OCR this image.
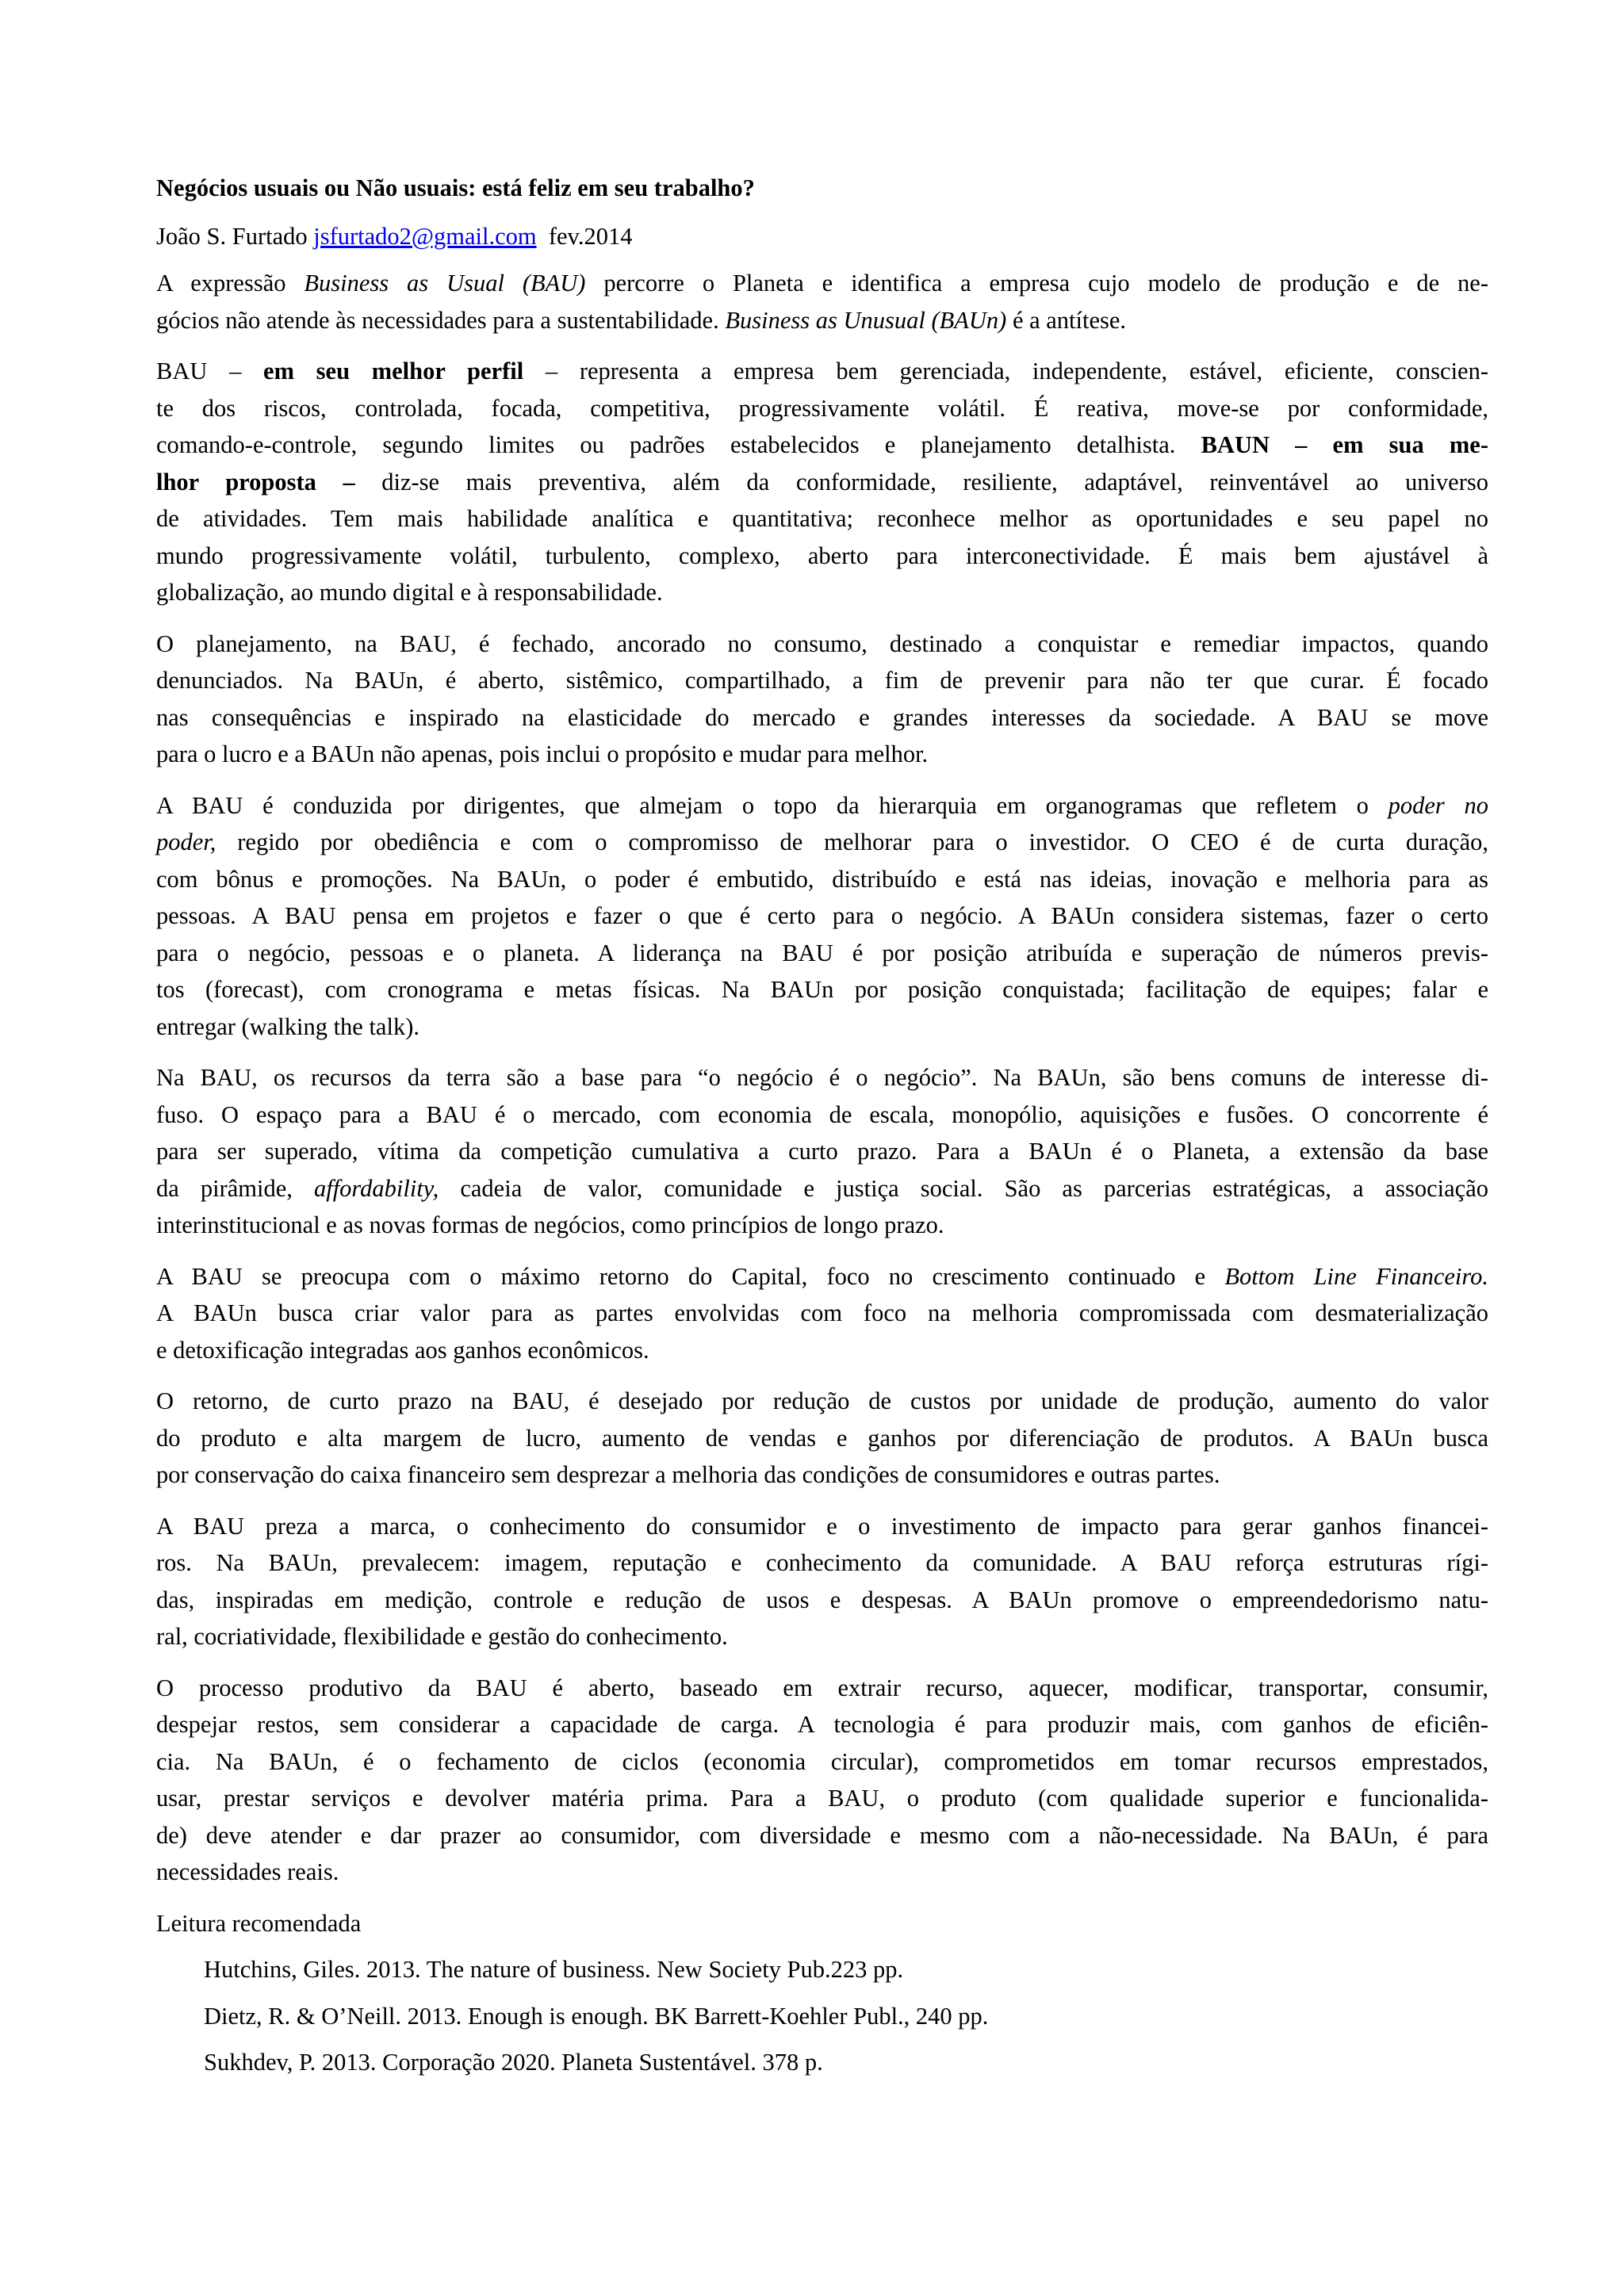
Negócios usuais ou Não usuais: está feliz em seu trabalho?
João S. Furtado jsfurtado2@gmail.com fev.2014
A expressão Business as Usual (BAU) percorre o Planeta e identifica a empresa cujo modelo de produção e de ne-
gócios não atende às necessidades para a sustentabilidade. Business as Unusual (BAUn) é a antítese.
BAU – em seu melhor perfil – representa a empresa bem gerenciada, independente, estável, eficiente, conscien-
te dos riscos, controlada, focada, competitiva, progressivamente volátil. É reativa, move-se por conformidade,
comando-e-controle, segundo limites ou padrões estabelecidos e planejamento detalhista. BAUN – em sua me-
lhor proposta – diz-se mais preventiva, além da conformidade, resiliente, adaptável, reinventável ao universo
de atividades. Tem mais habilidade analítica e quantitativa; reconhece melhor as oportunidades e seu papel no
mundo progressivamente volátil, turbulento, complexo, aberto para interconectividade. É mais bem ajustável à
globalização, ao mundo digital e à responsabilidade.
O planejamento, na BAU, é fechado, ancorado no consumo, destinado a conquistar e remediar impactos, quando
denunciados. Na BAUn, é aberto, sistêmico, compartilhado, a fim de prevenir para não ter que curar. É focado
nas consequências e inspirado na elasticidade do mercado e grandes interesses da sociedade. A BAU se move
para o lucro e a BAUn não apenas, pois inclui o propósito e mudar para melhor.
A BAU é conduzida por dirigentes, que almejam o topo da hierarquia em organogramas que refletem o poder no
poder, regido por obediência e com o compromisso de melhorar para o investidor. O CEO é de curta duração,
com bônus e promoções. Na BAUn, o poder é embutido, distribuído e está nas ideias, inovação e melhoria para as
pessoas. A BAU pensa em projetos e fazer o que é certo para o negócio. A BAUn considera sistemas, fazer o certo
para o negócio, pessoas e o planeta. A liderança na BAU é por posição atribuída e superação de números previs-
tos (forecast), com cronograma e metas físicas. Na BAUn por posição conquistada; facilitação de equipes; falar e
entregar (walking the talk).
Na BAU, os recursos da terra são a base para “o negócio é o negócio”. Na BAUn, são bens comuns de interesse di-
fuso. O espaço para a BAU é o mercado, com economia de escala, monopólio, aquisições e fusões. O concorrente é
para ser superado, vítima da competição cumulativa a curto prazo. Para a BAUn é o Planeta, a extensão da base
da pirâmide, affordability, cadeia de valor, comunidade e justiça social. São as parcerias estratégicas, a associação
interinstitucional e as novas formas de negócios, como princípios de longo prazo.
A BAU se preocupa com o máximo retorno do Capital, foco no crescimento continuado e Bottom Line Financeiro.
A BAUn busca criar valor para as partes envolvidas com foco na melhoria compromissada com desmaterialização
e detoxificação integradas aos ganhos econômicos.
O retorno, de curto prazo na BAU, é desejado por redução de custos por unidade de produção, aumento do valor
do produto e alta margem de lucro, aumento de vendas e ganhos por diferenciação de produtos. A BAUn busca
por conservação do caixa financeiro sem desprezar a melhoria das condições de consumidores e outras partes.
A BAU preza a marca, o conhecimento do consumidor e o investimento de impacto para gerar ganhos financei-
ros. Na BAUn, prevalecem: imagem, reputação e conhecimento da comunidade. A BAU reforça estruturas rígi-
das, inspiradas em medição, controle e redução de usos e despesas. A BAUn promove o empreendedorismo natu-
ral, cocriatividade, flexibilidade e gestão do conhecimento.
O processo produtivo da BAU é aberto, baseado em extrair recurso, aquecer, modificar, transportar, consumir,
despejar restos, sem considerar a capacidade de carga. A tecnologia é para produzir mais, com ganhos de eficiên-
cia. Na BAUn, é o fechamento de ciclos (economia circular), comprometidos em tomar recursos emprestados,
usar, prestar serviços e devolver matéria prima. Para a BAU, o produto (com qualidade superior e funcionalida-
de) deve atender e dar prazer ao consumidor, com diversidade e mesmo com a não-necessidade. Na BAUn, é para
necessidades reais.
Leitura recomendada
Hutchins, Giles. 2013. The nature of business. New Society Pub.223 pp.
Dietz, R. & O’Neill. 2013. Enough is enough. BK Barrett-Koehler Publ., 240 pp.
Sukhdev, P. 2013. Corporação 2020. Planeta Sustentável. 378 p.
